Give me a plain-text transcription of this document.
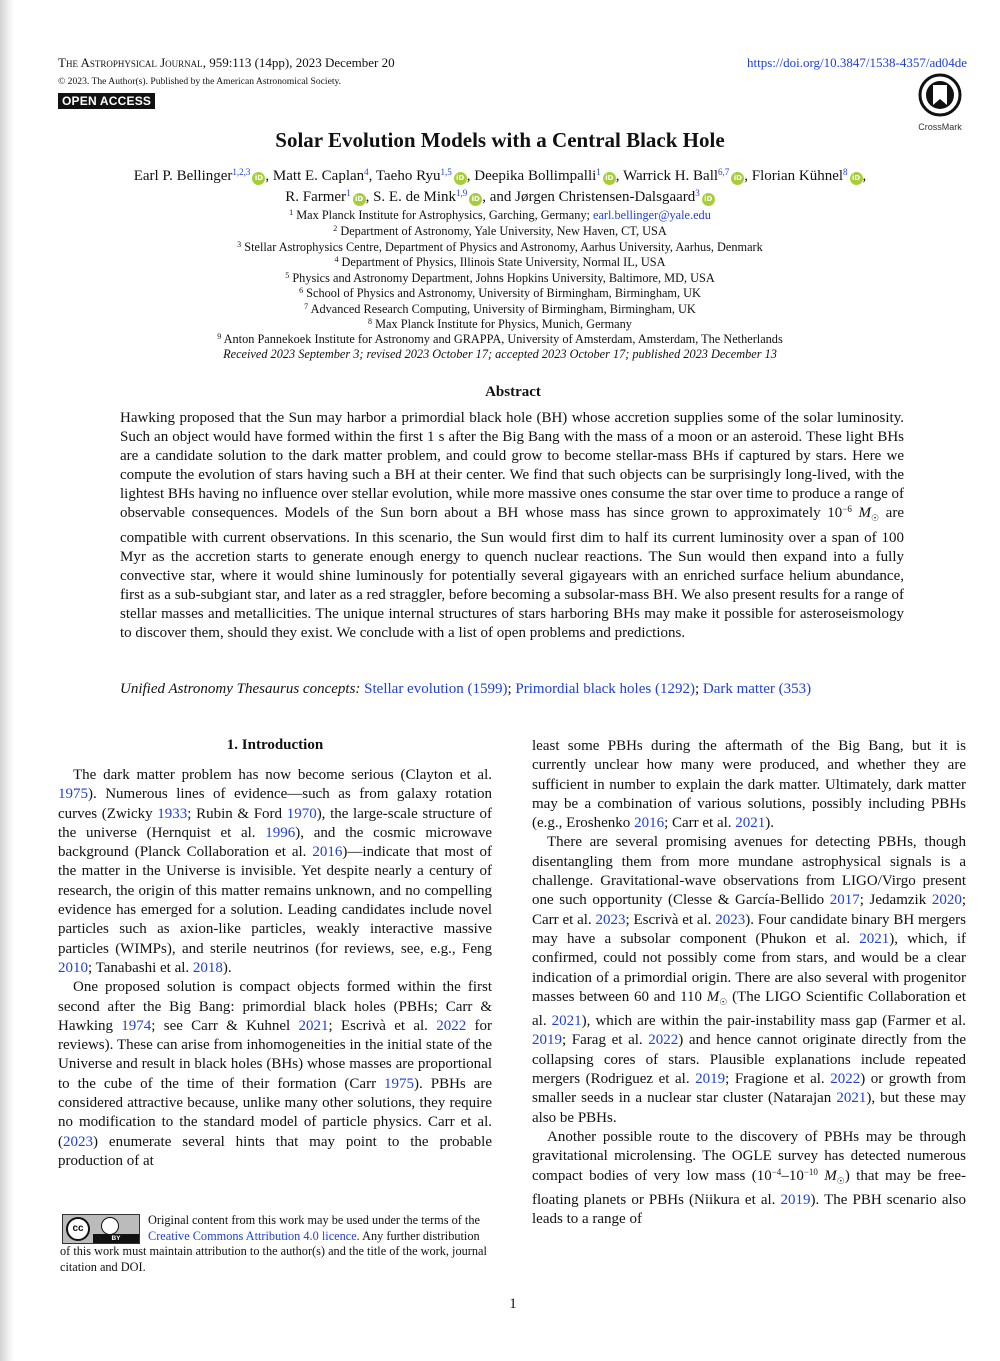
The Astrophysical Journal, 959:113 (14pp), 2023 December 20	https://doi.org/10.3847/1538-4357/ad04de
© 2023. The Author(s). Published by the American Astronomical Society.
OPEN ACCESS
CrossMark
Solar Evolution Models with a Central Black Hole
Earl P. Bellinger$^{1,2,3}$iD , Matt E. Caplan$^4$, Taeho Ryu$^{1,5}$iD , Deepika Bollimpalli$^1$iD , Warrick H. Ball$^{6,7}$iD , Florian Kühnel$^8$iD ,
R. Farmer$^1$iD , S. E. de Mink$^{1,9}$iD , and Jørgen Christensen-Dalsgaard$^3$iD
$^1$ Max Planck Institute for Astrophysics, Garching, Germany; earl.bellinger@yale.edu
$^2$ Department of Astronomy, Yale University, New Haven, CT, USA
$^3$ Stellar Astrophysics Centre, Department of Physics and Astronomy, Aarhus University, Aarhus, Denmark
$^4$ Department of Physics, Illinois State University, Normal IL, USA
$^5$ Physics and Astronomy Department, Johns Hopkins University, Baltimore, MD, USA
$^6$ School of Physics and Astronomy, University of Birmingham, Birmingham, UK
$^7$ Advanced Research Computing, University of Birmingham, Birmingham, UK
$^8$ Max Planck Institute for Physics, Munich, Germany
$^9$ Anton Pannekoek Institute for Astronomy and GRAPPA, University of Amsterdam, Amsterdam, The Netherlands
Received 2023 September 3; revised 2023 October 17; accepted 2023 October 17; published 2023 December 13
Abstract
Hawking proposed that the Sun may harbor a primordial black hole (BH) whose accretion supplies some of the solar luminosity. Such an object would have formed within the first 1 s after the Big Bang with the mass of a moon or an asteroid. These light BHs are a candidate solution to the dark matter problem, and could grow to become stellar-mass BHs if captured by stars. Here we compute the evolution of stars having such a BH at their center. We find that such objects can be surprisingly long-lived, with the lightest BHs having no influence over stellar evolution, while more massive ones consume the star over time to produce a range of observable consequences. Models of the Sun born about a BH whose mass has since grown to approximately $10^{-6}$ $M_☉$ are compatible with current observations. In this scenario, the Sun would first dim to half its current luminosity over a span of 100 Myr as the accretion starts to generate enough energy to quench nuclear reactions. The Sun would then expand into a fully convective star, where it would shine luminously for potentially several gigayears with an enriched surface helium abundance, first as a sub-subgiant star, and later as a red straggler, before becoming a subsolar-mass BH. We also present results for a range of stellar masses and metallicities. The unique internal structures of stars harboring BHs may make it possible for asteroseismology to discover them, should they exist. We conclude with a list of open problems and predictions.
Unified Astronomy Thesaurus concepts: Stellar evolution (1599); Primordial black holes (1292); Dark matter (353)
1. Introduction

The dark matter problem has now become serious (Clayton et al. 1975). Numerous lines of evidence—such as from galaxy rotation curves (Zwicky 1933; Rubin & Ford 1970), the large-scale structure of the universe (Hernquist et al. 1996), and the cosmic microwave background (Planck Collaboration et al. 2016)—indicate that most of the matter in the Universe is invisible. Yet despite nearly a century of research, the origin of this matter remains unknown, and no compelling evidence has emerged for a solution. Leading candidates include novel particles such as axion-like particles, weakly interactive massive particles (WIMPs), and sterile neutrinos (for reviews, see, e.g., Feng 2010; Tanabashi et al. 2018).

One proposed solution is compact objects formed within the first second after the Big Bang: primordial black holes (PBHs; Carr & Hawking 1974; see Carr & Kuhnel 2021; Escrivà et al. 2022 for reviews). These can arise from inhomogeneities in the initial state of the Universe and result in black holes (BHs) whose masses are proportional to the cube of the time of their formation (Carr 1975). PBHs are considered attractive because, unlike many other solutions, they require no modification to the standard model of particle physics. Carr et al. (2023) enumerate several hints that may point to the probable production of at

least some PBHs during the aftermath of the Big Bang, but it is currently unclear how many were produced, and whether they are sufficient in number to explain the dark matter. Ultimately, dark matter may be a combination of various solutions, possibly including PBHs (e.g., Eroshenko 2016; Carr et al. 2021).

There are several promising avenues for detecting PBHs, though disentangling them from more mundane astrophysical signals is a challenge. Gravitational-wave observations from LIGO/Virgo present one such opportunity (Clesse & García-Bellido 2017; Jedamzik 2020; Carr et al. 2023; Escrivà et al. 2023). Four candidate binary BH mergers may have a subsolar component (Phukon et al. 2021), which, if confirmed, could not possibly come from stars, and would be a clear indication of a primordial origin. There are also several with progenitor masses between 60 and 110 $M_☉$ (The LIGO Scientific Collaboration et al. 2021), which are within the pair-instability mass gap (Farmer et al. 2019; Farag et al. 2022) and hence cannot originate directly from the collapsing cores of stars. Plausible explanations include repeated mergers (Rodriguez et al. 2019; Fragione et al. 2022) or growth from smaller seeds in a nuclear star cluster (Natarajan 2021), but these may also be PBHs.

Another possible route to the discovery of PBHs may be through gravitational microlensing. The OGLE survey has detected numerous compact bodies of very low mass ($10^{-4}-10^{-10}$ $M_☉$) that may be free-floating planets or PBHs (Niikura et al. 2019). The PBH scenario also leads to a range of

cc
BY
Original content from this work may be used under the terms of the Creative Commons Attribution 4.0 licence. Any further distribution of this work must maintain attribution to the author(s) and the title of the work, journal citation and DOI.
1
